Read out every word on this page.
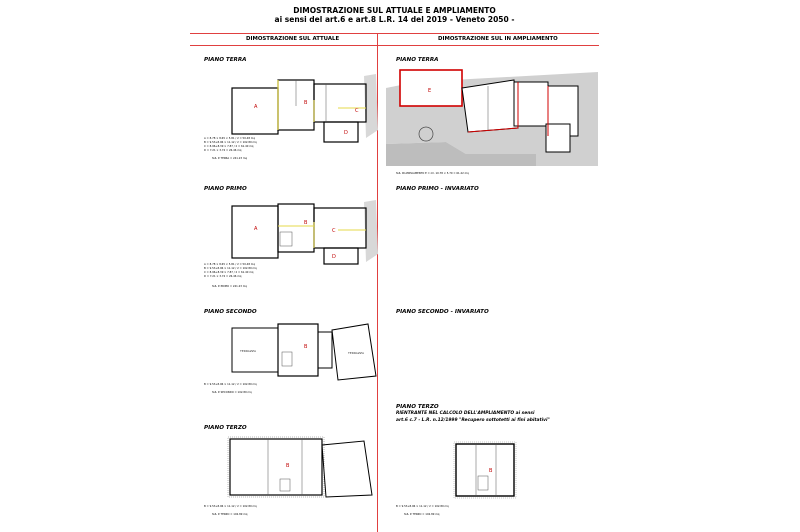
DIMOSTRAZIONE SUL ATTUALE E AMPLIAMENTO
ai sensi del art.6 e art.8 L.R. 14 del 2019 - Veneto 2050 -
DIMOSTRAZIONE SUL ATTUALE	DIMOSTRAZIONE SUL IN AMPLIAMENTO
PIANO TERRA
A
B
C
D
A = 8.78 × 8.65 × 5.81 / 2 = 50.48 mq
B = 9.53+8.96 × 11.12 / 2 = 102.89 mq
C = 8.96+8.39 × 7.87 / 2 = 61.40 mq
D = 7.21 × 3.74 = 26.46 mq
SUL P. TERRA = 241.23 mq
PIANO PRIMO
A
B
C
D
A = 8.78 × 8.65 × 5.81 / 2 = 50.48 mq
B = 9.53+8.96 × 11.12 / 2 = 102.89 mq
C = 8.96+8.39 × 7.87 / 2 = 61.40 mq
D = 7.21 × 3.74 = 26.46 mq
SUL P. PRIMO = 241.23 mq
PIANO SECONDO
TERRAZZA	TERRAZZA
B
B = 9.53+8.96 × 11.12 / 2 = 102.89 mq
SUL P. SECONDO = 102.89 mq
PIANO TERZO
B
B = 9.53+8.96 × 11.12 / 2 = 102.89 mq
SUL P. TERZO = 102.89 mq
PIANO TERRA
E
SUL IN AMPLIAMENTO E = ml. 10.78 × 5.70 = 61.22 mq
PIANO PRIMO - INVARIATO
PIANO SECONDO - INVARIATO
PIANO TERZO
RIENTRANTE NEL CALCOLO DELL'AMPLIAMENTO ai sensi
art.6 c.7 - L.R. n.12/1999 "Recupero sottotetti ai fini abitativi"
B
B = 9.53+8.96 × 11.12 / 2 = 102.89 mq
SUL P. TERZO = 102.89 mq
